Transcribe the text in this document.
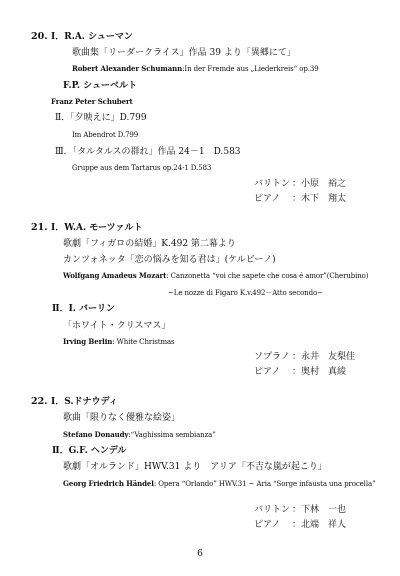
20. Ⅰ．R.A. シューマン
歌曲集「リーダークライス」作品 39 より「異郷にて」
Robert Alexander Schumann:In der Fremde aus „Liederkreis“ op.39
F.P. シューベルト
Franz Peter Schubert
Ⅱ．「夕映えに」D.799
Im Abendrot D.799
Ⅲ．「タルタルスの群れ」作品 24－1　D.583
Gruppe aus dem Tartarus op.24-1 D.583
バリトン ：小原　裕之
ピアノ ：木下　翔太
21. Ⅰ．W.A. モーツァルト
歌劇「フィガロの結婚」K.492 第二幕より
カンツォネッタ「恋の悩みを知る君は」(ケルビーノ)
Wolfgang Amadeus Mozart: Canzonetta “voi che sapete che cosa é amor”(Cherubino)
~Le nozze di Figaro K.v.492－Atto secondo~
Ⅱ．I. バーリン
「ホワイト・クリスマス」
Irving Berlin: White Christmas
ソプラノ ：永井　友梨佳
ピアノ ：奥村　真綾
22. Ⅰ．S.ドナウディ
歌曲「限りなく優雅な絵姿」
Stefano Donaudy:“Vaghissima sembianza”
Ⅱ．G.F. ヘンデル
歌劇「オルランド」HWV.31 より　アリア「不吉な嵐が起こり」
Georg Friedrich Händel: Opera “Orlando” HWV.31 ~ Aria “Sorge infausta una procella”
バリトン ：下林　一也
ピアノ ：北端　祥人
6
